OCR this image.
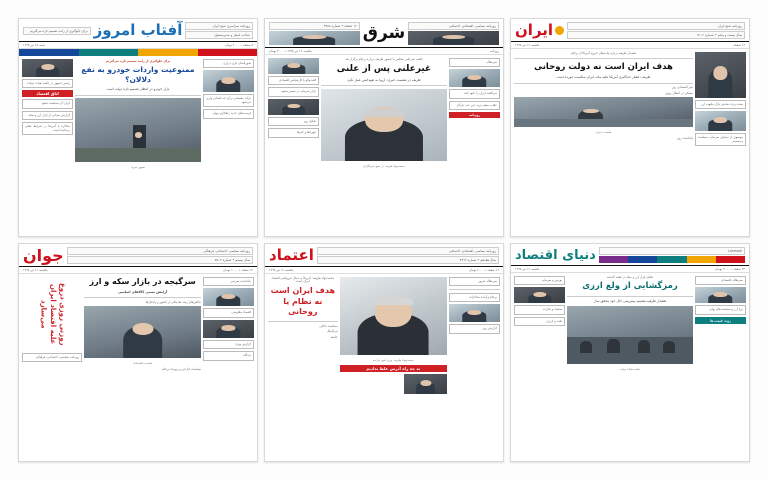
روزنامه سراسری صبح ایران
صاحب امتیاز و مدیرمسئول
آفتاب امروز
برای جلوگیری از رانت تصمیم تازه می‌گیریم
۸ صفحه • ۲۰۰۰ تومان
شنبه ۱۵ تیر ۱۳۹۸
شورتاشان بازی درازی
یارانه معیشتی برای چه کسانی واریز می‌شود
فرصت‌های جدید راهکاری پنهان
برای جلوگیری از رانت تصمیم تازه می‌گیریم
ممنوعیت واردات خودرو به نفع دلالان؟
بازار خودرو در انتظار تصمیم تازه دولت است
تصویر خبری
رئیس جمهور در جلسه هیات دولت:
اتاق اقتصاد
ایران آی سیاست نشود
گزارش میدانی از بازار ارز و سکه
مذاکره با آمریکا در شرایط فعلی بی‌فایده است
روزنامه سیاسی، اقتصادی، اجتماعی
شرق
۱۶ صفحه • شماره ۳۴۸۸
روزنامه
یکشنبه ۱۶ تیر ۱۳۹۸ • ۳۰۰۰ تومان
سرمقاله
می‌گفتند ایران را نابود کنند
عقاب سفید پرید، این عدد بازنگر
روزنامه
جلسه غیرعلنی مجلس با حضور ظریف درباره برجام برگزار شد
غیرعلنی پس از علنی
ظریف در نشست خبری: اروپا به تعهداتش عمل نکرد
محمدجواد ظریف در جمع خبرنگاران
گفت‌وگو با کارشناس اقتصادی
بازار سرمایه در مسیر صعود
تحلیل روز
چهره‌ها و خبرها
روزنامه صبح ایران
سال بیست و پنجم • شماره ۷۱۰۲
ایران
۱۶ صفحه
یکشنبه ۱۶ تیر ۱۳۹۸
پشت پرده نمایش بازار ملتهب ارز
موسوی از نمایش سرمایه، سیاست و تصمیم
هشدار ظریف درباره پیامدهای خروج آمریکا از برجام
هدف ایران است نه دولت روحانی
ظریف: فشار حداکثری آمریکا علیه ملت ایران شکست خورده است
تیتر اقتصادی روز
مسکن در انتظار رونق
نشست خبری
یادداشت روز
روزنامه سیاسی، اجتماعی، فرهنگی
سال بیستم • شماره ۵۷۰۲
جوان
۱۲ صفحه • ۱۰۰۰ تومان
یکشنبه ۱۶ تیر ۱۳۹۸
یادداشت سردبیر
اقتصاد مقاومتی
گزارش ویژه
دیدگاه
سرگیجه در بازار سکه و ارز
آرامش نسبی کالاهای اساسی
چالش‌های رشد نقدینگی در کشور و راه‌حل‌ها
نشست اقتصادی
سیاست خارجی و پرونده برجام
روزنی روزی دروغ علیه اقتصاد ایران می‌سازد
روزنامه سیاسی، اجتماعی، فرهنگی
روزنامه سیاسی، اقتصادی، اجتماعی
سال هفدهم • شماره ۴۴۱۲
اعتماد
۱۶ صفحه • ۲۰۰۰ تومان
یکشنبه ۱۶ تیر ۱۳۹۸
سرمقاله امروز
برجام و آینده مذاکرات
گزارش روز
محمدجواد ظریف، وزیر امور خارجه
به چه راه آدرس غلط ندادیم
محمدجواد ظریف: آمریکا به دنبال فروپاشی اقتصاد ایران است
هدف ایران است نه نظام یا روحانی
سیاست داخلی
بین‌الملل
جامعه
Lexmark
دنیای اقتصاد
۲۴ صفحه • ۳۰۰۰ تومان
یکشنبه ۱۶ تیر ۱۳۹۸
سرمقاله اقتصادی
نرخ ارز و سیاست‌های پولی
روند قیمت‌ها
تحلیل بازار ارز و سکه در هفته گذشته
رمزگشایی از ولع ارزی
هشدار ظرفیت‌نشینیه پیش‌بینی حال خود محقق ساز
جلسه هیات دولت
بورس و سرمایه
صنعت و تجارت
نفت و انرژی
